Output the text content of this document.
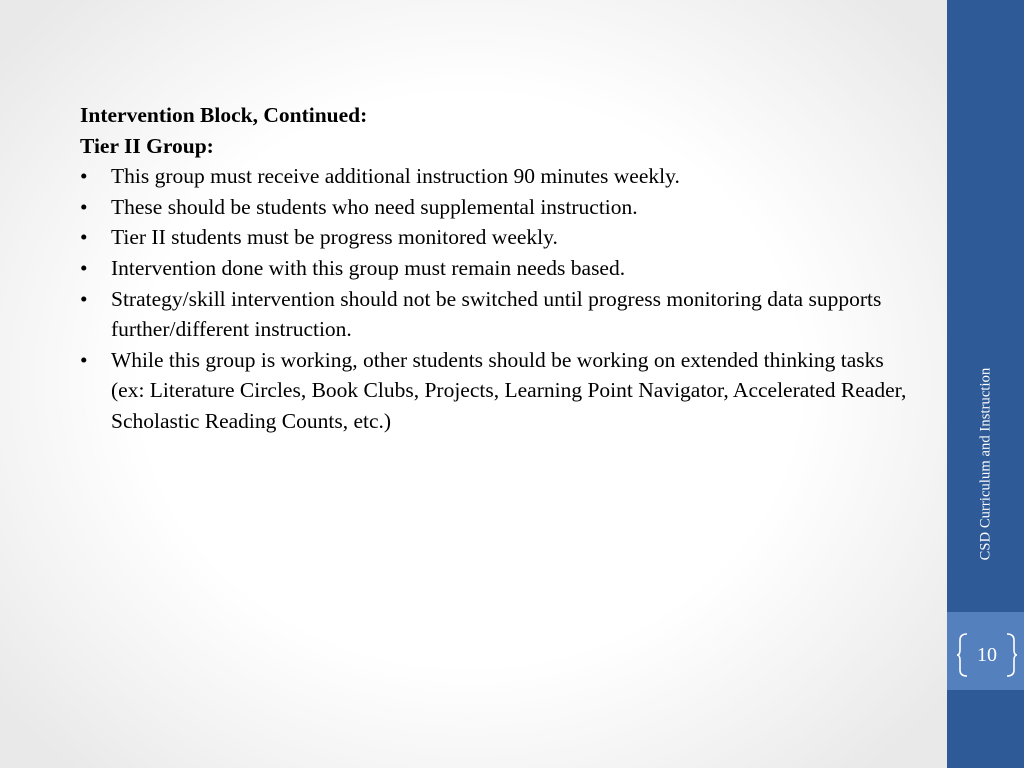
Intervention Block, Continued:

Tier II Group:

• This group must receive additional instruction 90 minutes weekly.
• These should be students who need supplemental instruction.
• Tier II students must be progress monitored weekly.
• Intervention done with this group must remain needs based.
• Strategy/skill intervention should not be switched until progress monitoring data supports further/different instruction.
• While this group is working, other students should be working on extended thinking tasks (ex: Literature Circles, Book Clubs, Projects, Learning Point Navigator, Accelerated Reader, Scholastic Reading Counts, etc.)	CSD Curriculum and Instruction
10
